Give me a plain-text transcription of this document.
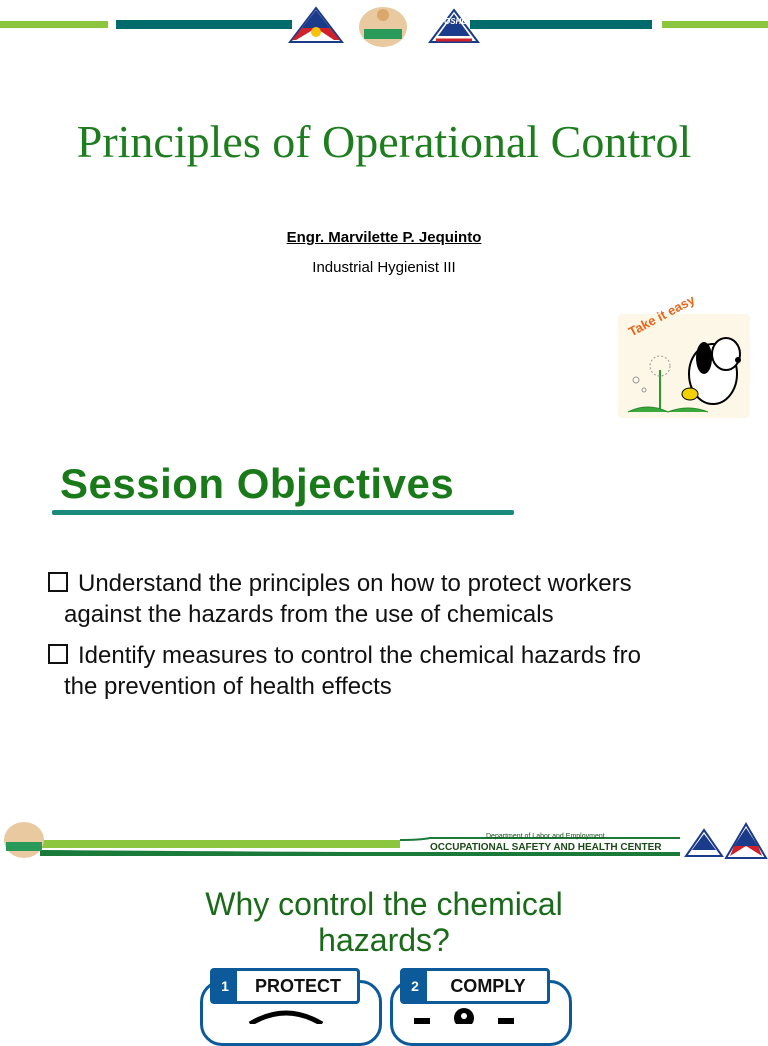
OSHC
Principles of Operational Control
Engr. Marvilette P. Jequinto
Industrial Hygienist III
Take it easy
Session Objectives
Understand the principles on how to protect workers
against the hazards from the use of chemicals
Identify measures to control the chemical hazards fro
the prevention of health effects
Department of Labor and Employment
OCCUPATIONAL SAFETY AND HEALTH CENTER
Why control the chemical
hazards?
1	PROTECT	2	COMPLY
